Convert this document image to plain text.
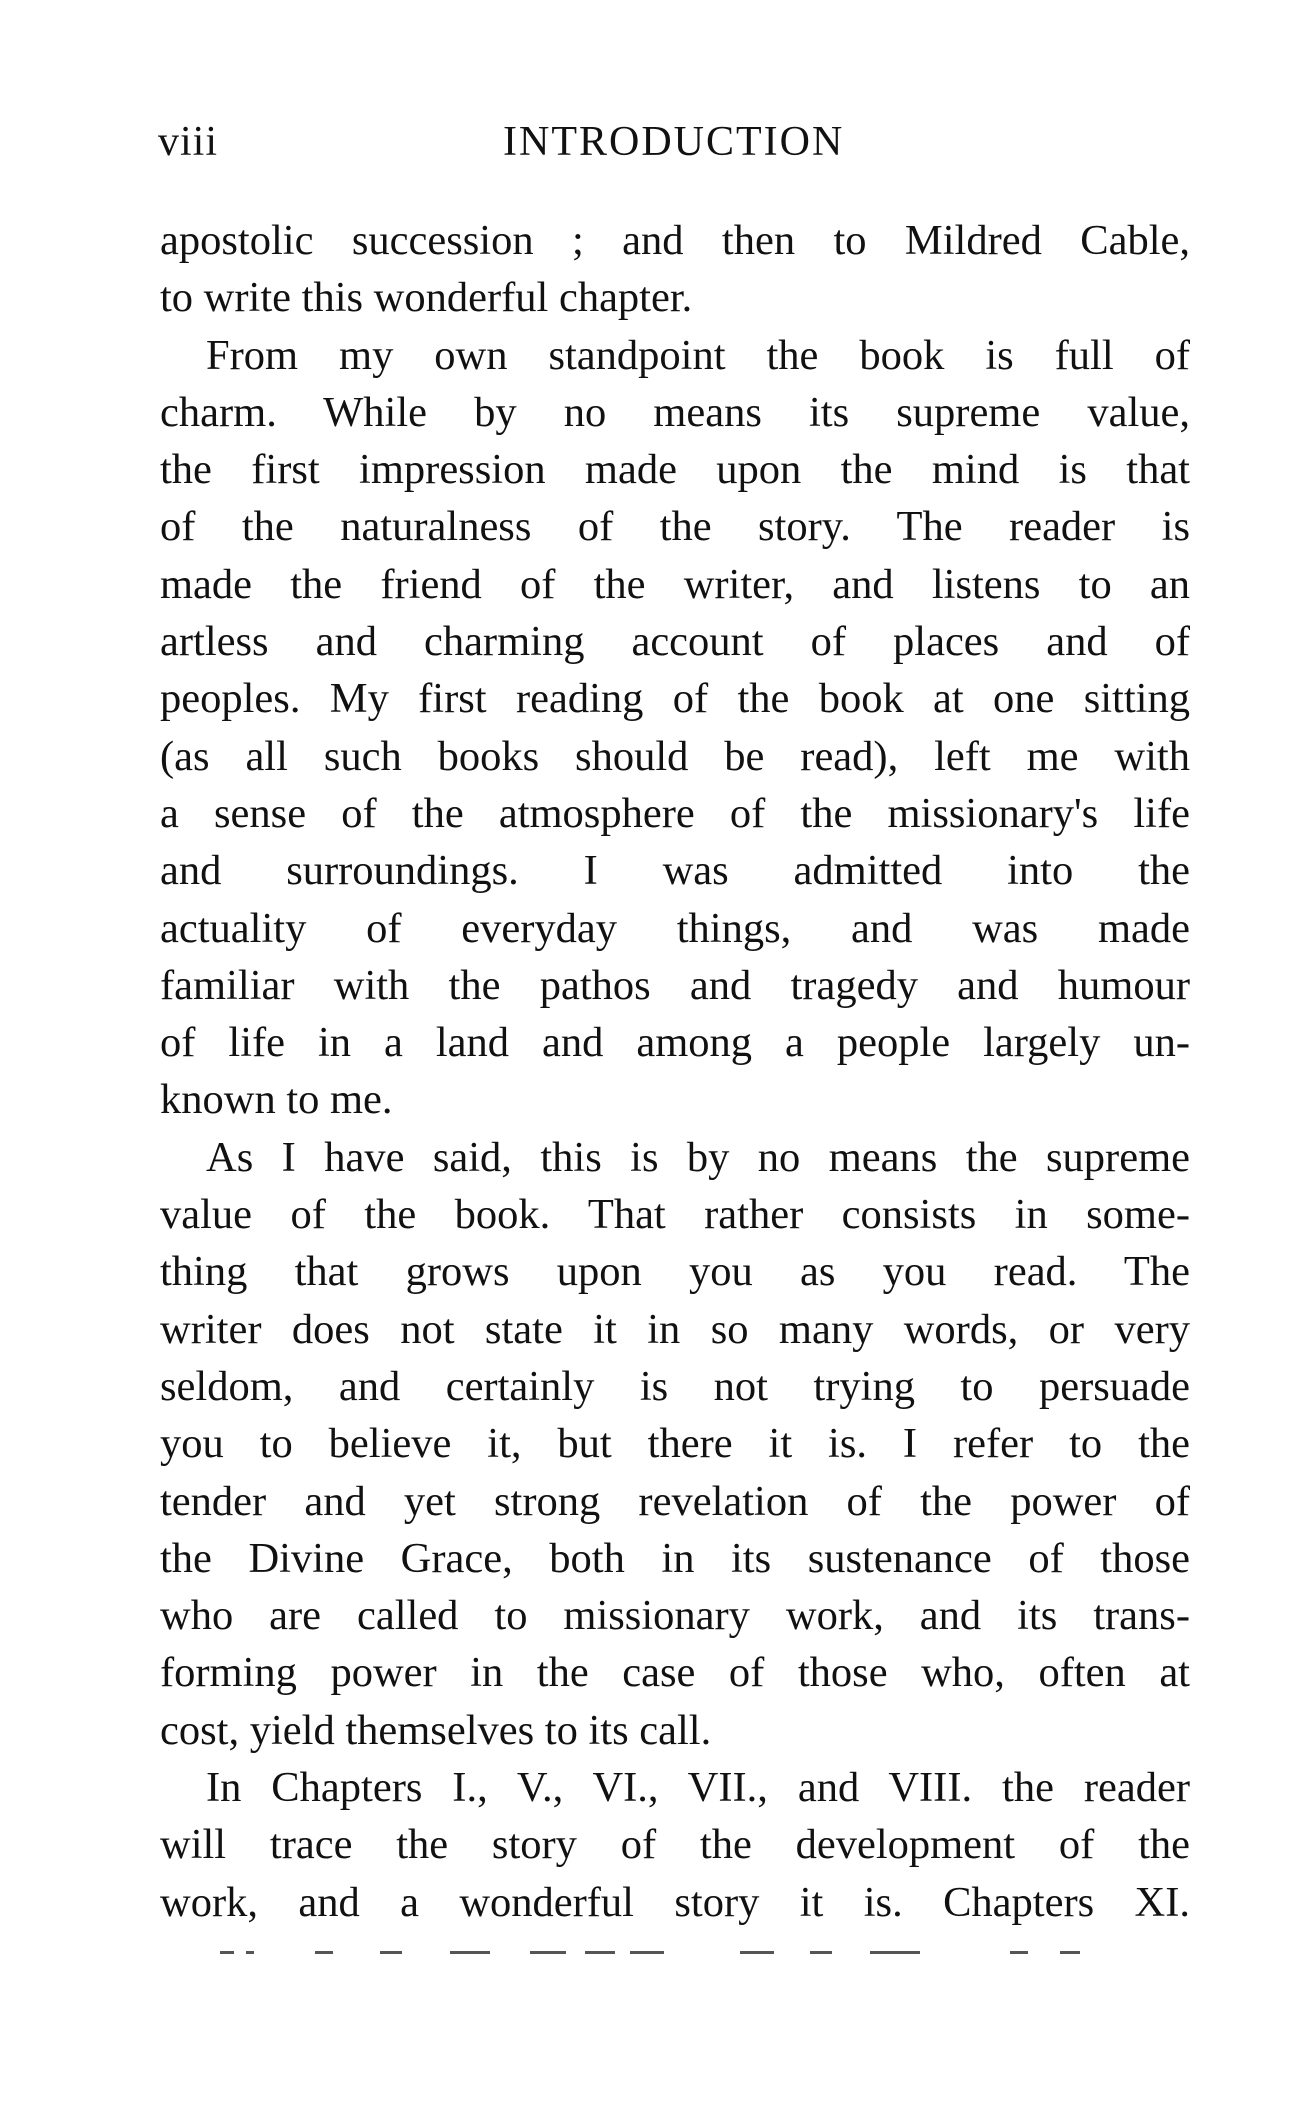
viii	INTRODUCTION
apostolic succession ; and then to Mildred Cable,
to write this wonderful chapter.
From my own standpoint the book is full of
charm. While by no means its supreme value,
the first impression made upon the mind is that
of the naturalness of the story. The reader is
made the friend of the writer, and listens to an
artless and charming account of places and of
peoples. My first reading of the book at one sitting
(as all such books should be read), left me with
a sense of the atmosphere of the missionary's life
and surroundings. I was admitted into the
actuality of everyday things, and was made
familiar with the pathos and tragedy and humour
of life in a land and among a people largely un-
known to me.
As I have said, this is by no means the supreme
value of the book. That rather consists in some-
thing that grows upon you as you read. The
writer does not state it in so many words, or very
seldom, and certainly is not trying to persuade
you to believe it, but there it is. I refer to the
tender and yet strong revelation of the power of
the Divine Grace, both in its sustenance of those
who are called to missionary work, and its trans-
forming power in the case of those who, often at
cost, yield themselves to its call.
In Chapters I., V., VI., VII., and VIII. the reader
will trace the story of the development of the
work, and a wonderful story it is. Chapters XI.
